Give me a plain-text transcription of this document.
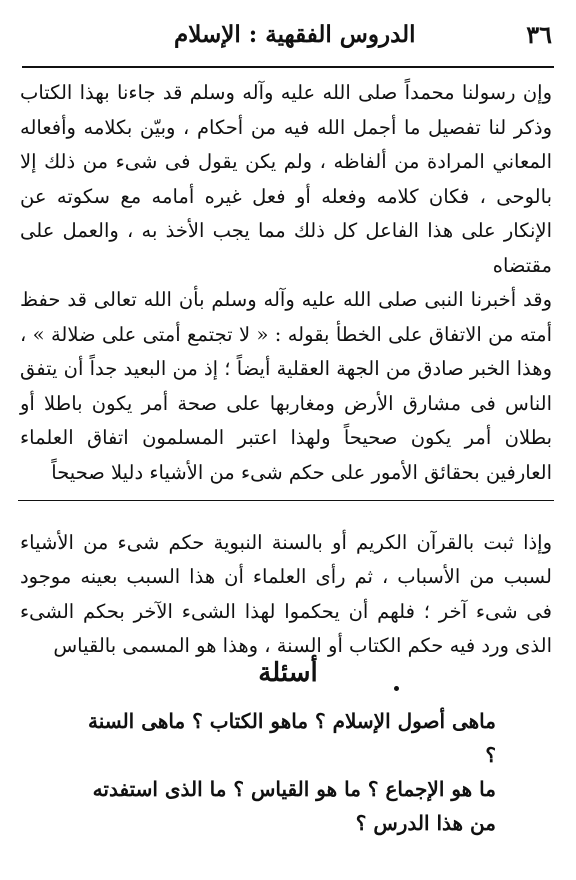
٣٦
الدروس الفقهية : الإسلام

وإن رسولنا محمداً صلى الله عليه وآله وسلم قد جاءنا بهذا الكتاب وذكر لنا تفصيل ما أجمل الله فيه من أحكام ، وبيّن بكلامه وأفعاله المعاني المرادة من ألفاظه ، ولم يكن يقول فى شىء من ذلك إلا بالوحى ، فكان كلامه وفعله أو فعل غيره أمامه مع سكوته عن الإنكار على هذا الفاعل كل ذلك مما يجب الأخذ به ، والعمل على مقتضاه

وقد أخبرنا النبى صلى الله عليه وآله وسلم بأن الله تعالى قد حفظ أمته من الاتفاق على الخطأ بقوله : « لا تجتمع أمتى على ضلالة » ، وهذا الخبر صادق من الجهة العقلية أيضاً ؛ إذ من البعيد جداً أن يتفق الناس فى مشارق الأرض ومغاربها على صحة أمر يكون باطلا أو بطلان أمر يكون صحيحاً ولهذا اعتبر المسلمون اتفاق العلماء العارفين بحقائق الأمور على حكم شىء من الأشياء دليلا صحيحاً

وإذا ثبت بالقرآن الكريم أو بالسنة النبوية حكم شىء من الأشياء لسبب من الأسباب ، ثم رأى العلماء أن هذا السبب بعينه موجود فى شىء آخر ؛ فلهم أن يحكموا لهذا الشىء الآخر بحكم الشىء الذى ورد فيه حكم الكتاب أو السنة ، وهذا هو المسمى بالقياس

أسئلة
ماهى أصول الإسلام ؟ ماهو الكتاب ؟ ماهى السنة ؟
ما هو الإجماع ؟ ما هو القياس ؟ ما الذى استفدته
من هذا الدرس ؟
